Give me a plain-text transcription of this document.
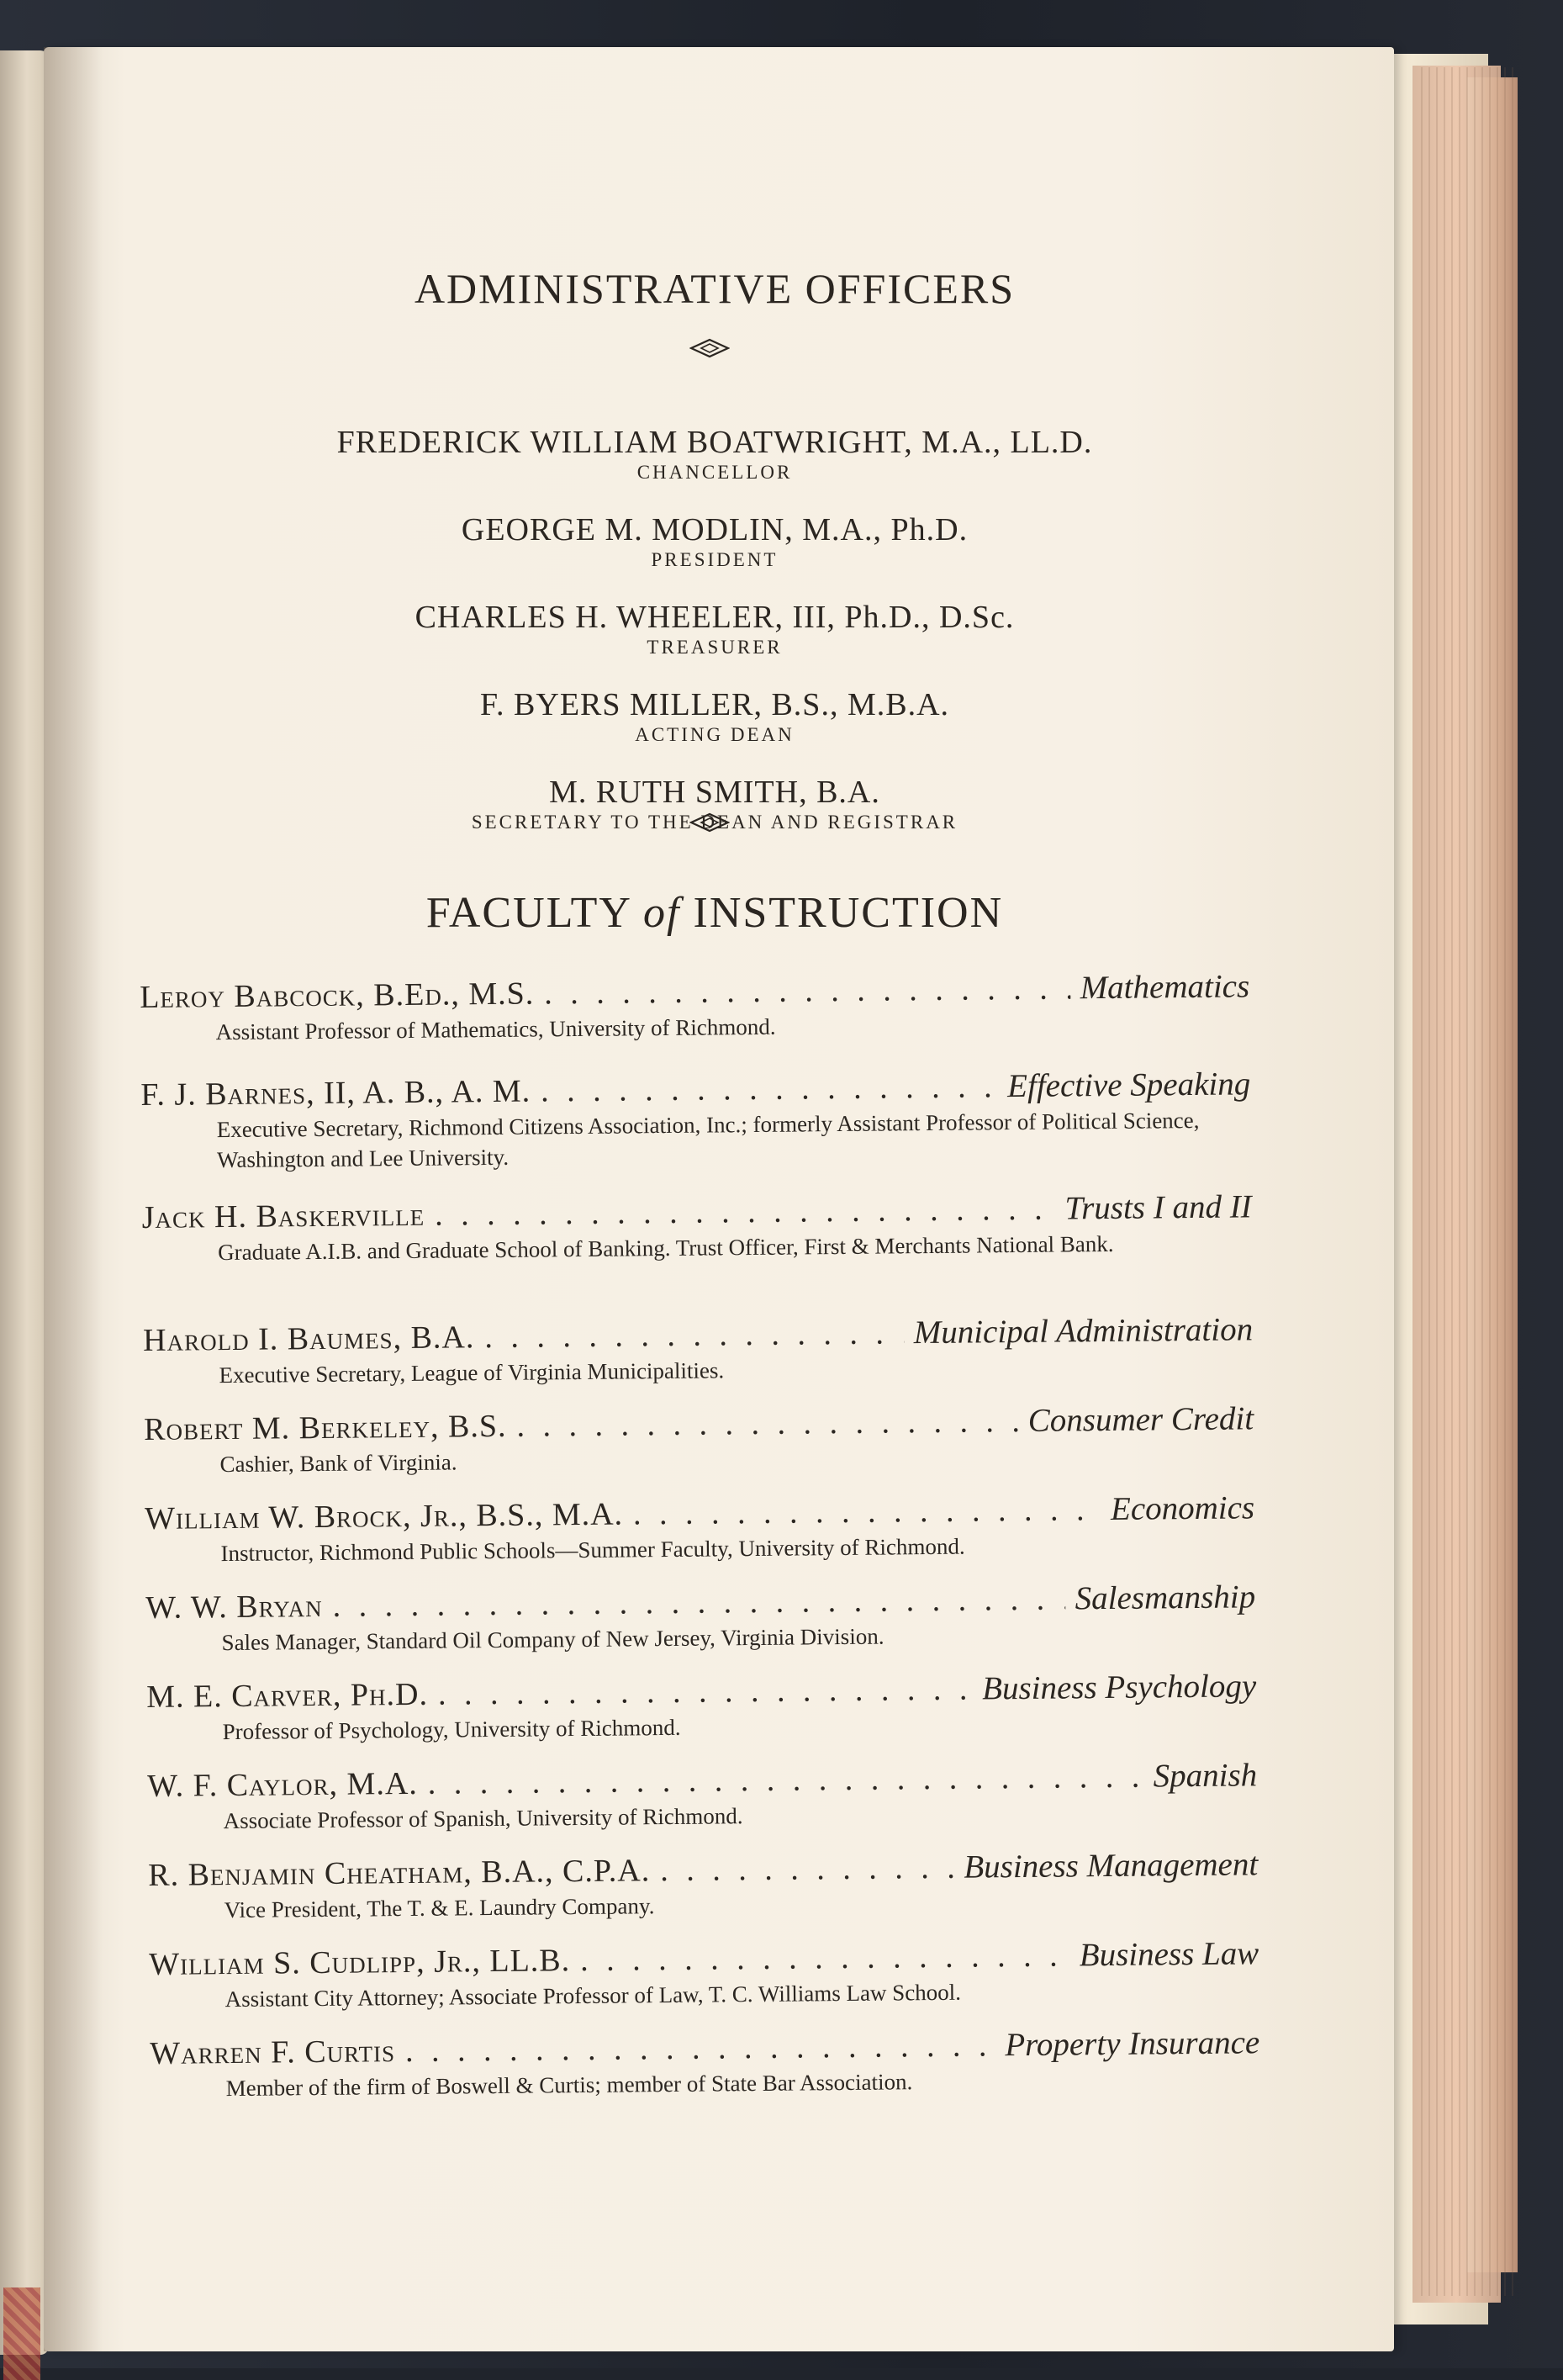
ADMINISTRATIVE OFFICERS
FREDERICK WILLIAM BOATWRIGHT, M.A., LL.D.
CHANCELLOR
GEORGE M. MODLIN, M.A., Ph.D.
PRESIDENT
CHARLES H. WHEELER, III, Ph.D., D.Sc.
TREASURER
F. BYERS MILLER, B.S., M.B.A.
ACTING DEAN
M. RUTH SMITH, B.A.
SECRETARY TO THE DEAN AND REGISTRAR
FACULTY of INSTRUCTION
Leroy Babcock, B.Ed., M.S. . . .	Mathematics
Assistant Professor of Mathematics, University of Richmond.
F. J. Barnes, II, A. B., A. M. . . .	Effective Speaking
Executive Secretary, Richmond Citizens Association, Inc.; formerly Assistant Professor of Political Science, Washington and Lee University.
Jack H. Baskerville . . .	Trusts I and II
Graduate A.I.B. and Graduate School of Banking. Trust Officer, First & Merchants National Bank.
Harold I. Baumes, B.A. . . .	Municipal Administration
Executive Secretary, League of Virginia Municipalities.
Robert M. Berkeley, B.S. . . .	Consumer Credit
Cashier, Bank of Virginia.
William W. Brock, Jr., B.S., M.A. . . .	Economics
Instructor, Richmond Public Schools—Summer Faculty, University of Richmond.
W. W. Bryan . . .	Salesmanship
Sales Manager, Standard Oil Company of New Jersey, Virginia Division.
M. E. Carver, Ph.D. . . .	Business Psychology
Professor of Psychology, University of Richmond.
W. F. Caylor, M.A. . . .	Spanish
Associate Professor of Spanish, University of Richmond.
R. Benjamin Cheatham, B.A., C.P.A. . . .	Business Management
Vice President, The T. & E. Laundry Company.
William S. Cudlipp, Jr., LL.B. . . .	Business Law
Assistant City Attorney; Associate Professor of Law, T. C. Williams Law School.
Warren F. Curtis . . .	Property Insurance
Member of the firm of Boswell & Curtis; member of State Bar Association.
